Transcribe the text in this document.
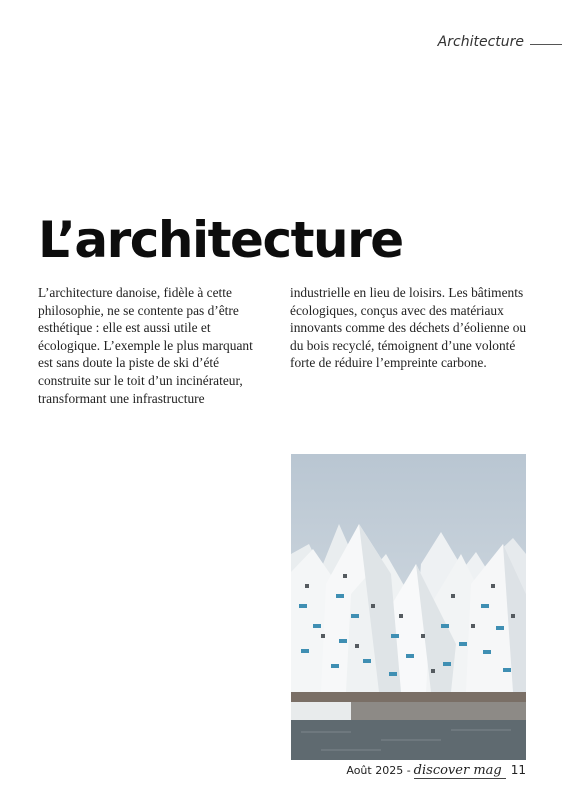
Architecture
L’architecture
L’architecture danoise, fidèle à cette philosophie, ne se contente pas d’être esthétique : elle est aussi utile et écologique. L’exemple le plus marquant est sans doute la piste de ski d’été construite sur le toit d’un incinérateur, transformant une infrastructure
industrielle en lieu de loisirs. Les bâtiments écologiques, conçus avec des matériaux innovants comme des déchets d’éolienne ou du bois recyclé, témoignent d’une volonté forte de réduire l’empreinte carbone.
Août 2025 - discover mag 11
